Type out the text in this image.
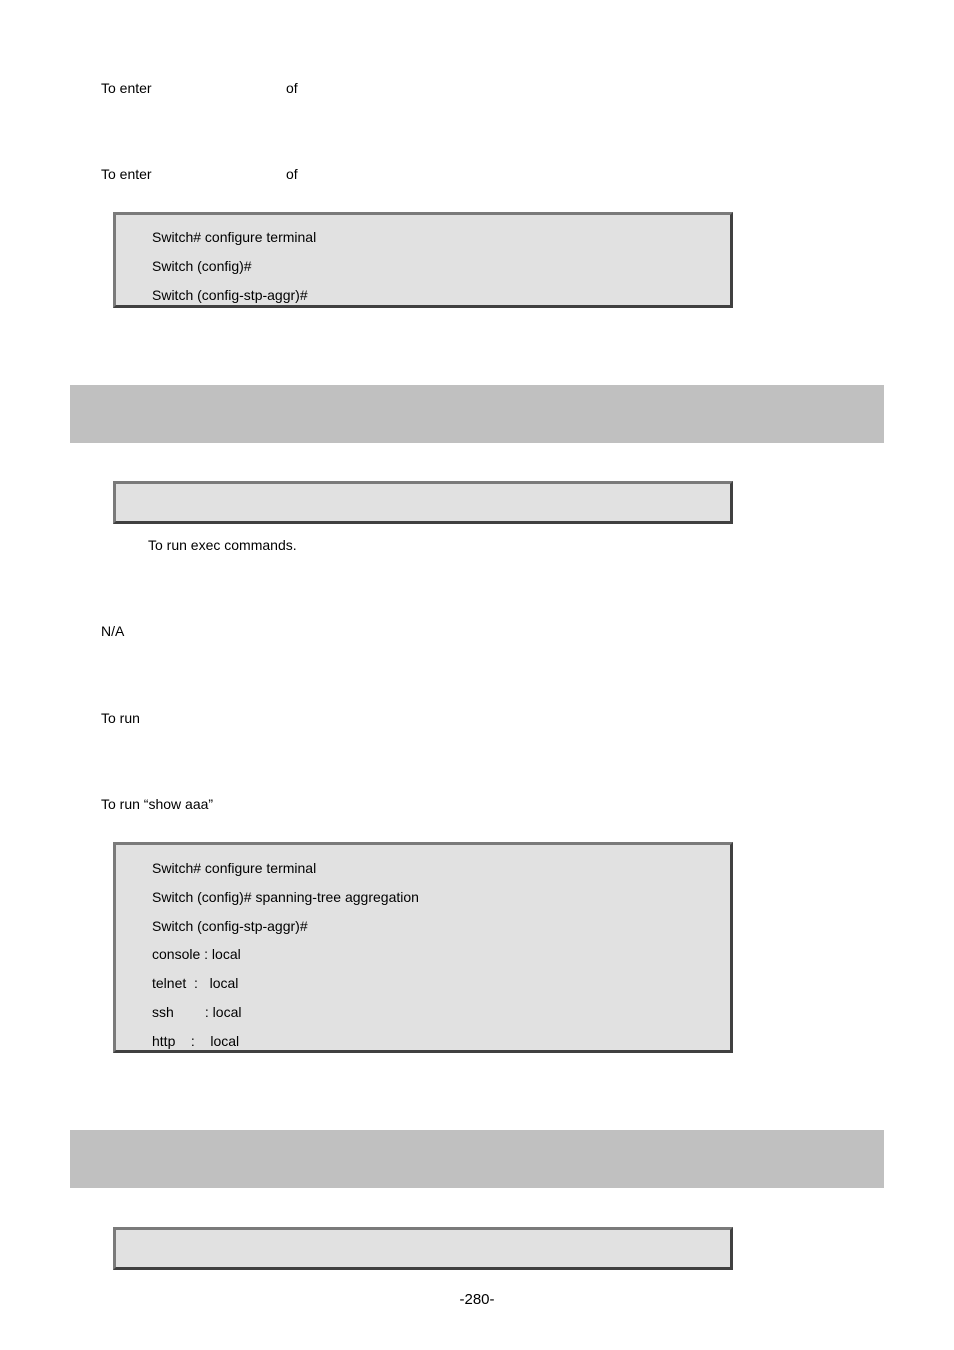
To enter	of
To enter	of
Switch# configure terminal
Switch (config)#
Switch (config-stp-aggr)#
To run exec commands.
N/A
To run
To run “show aaa”
Switch# configure terminal
Switch (config)# spanning-tree aggregation
Switch (config-stp-aggr)#
console : local
telnet  :   local
ssh        : local
http    :    local
-280-
